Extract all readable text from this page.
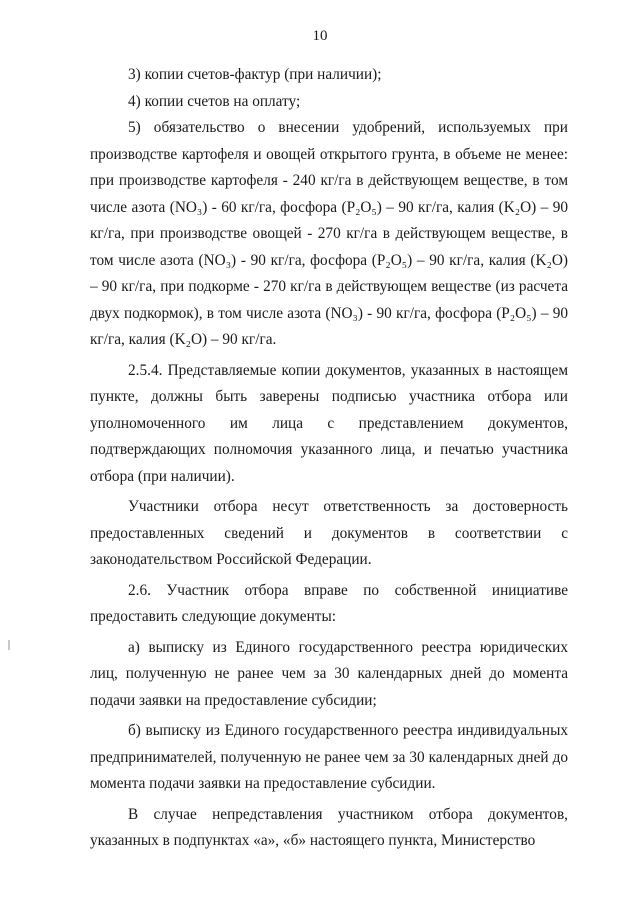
10

3) копии счетов-фактур (при наличии);

4) копии счетов на оплату;

5) обязательство о внесении удобрений, используемых при производстве картофеля и овощей открытого грунта, в объеме не менее: при производстве картофеля - 240 кг/га в действующем веществе, в том числе азота (NO₃) - 60 кг/га, фосфора (P₂O₅) – 90 кг/га, калия (K₂O) – 90 кг/га, при производстве овощей - 270 кг/га в действующем веществе, в том числе азота (NO₃) - 90 кг/га, фосфора (P₂O₅) – 90 кг/га, калия (K₂O) – 90 кг/га, при подкорме - 270 кг/га в действующем веществе (из расчета двух подкормок), в том числе азота (NO₃) - 90 кг/га, фосфора (P₂O₅) – 90 кг/га, калия (K₂O) – 90 кг/га.

2.5.4. Представляемые копии документов, указанных в настоящем пункте, должны быть заверены подписью участника отбора или уполномоченного им лица с представлением документов, подтверждающих полномочия указанного лица, и печатью участника отбора (при наличии).

Участники отбора несут ответственность за достоверность предоставленных сведений и документов в соответствии с законодательством Российской Федерации.

2.6. Участник отбора вправе по собственной инициативе предоставить следующие документы:

а) выписку из Единого государственного реестра юридических лиц, полученную не ранее чем за 30 календарных дней до момента подачи заявки на предоставление субсидии;

б) выписку из Единого государственного реестра индивидуальных предпринимателей, полученную не ранее чем за 30 календарных дней до момента подачи заявки на предоставление субсидии.

В случае непредставления участником отбора документов, указанных в подпунктах «а», «б» настоящего пункта, Министерство
